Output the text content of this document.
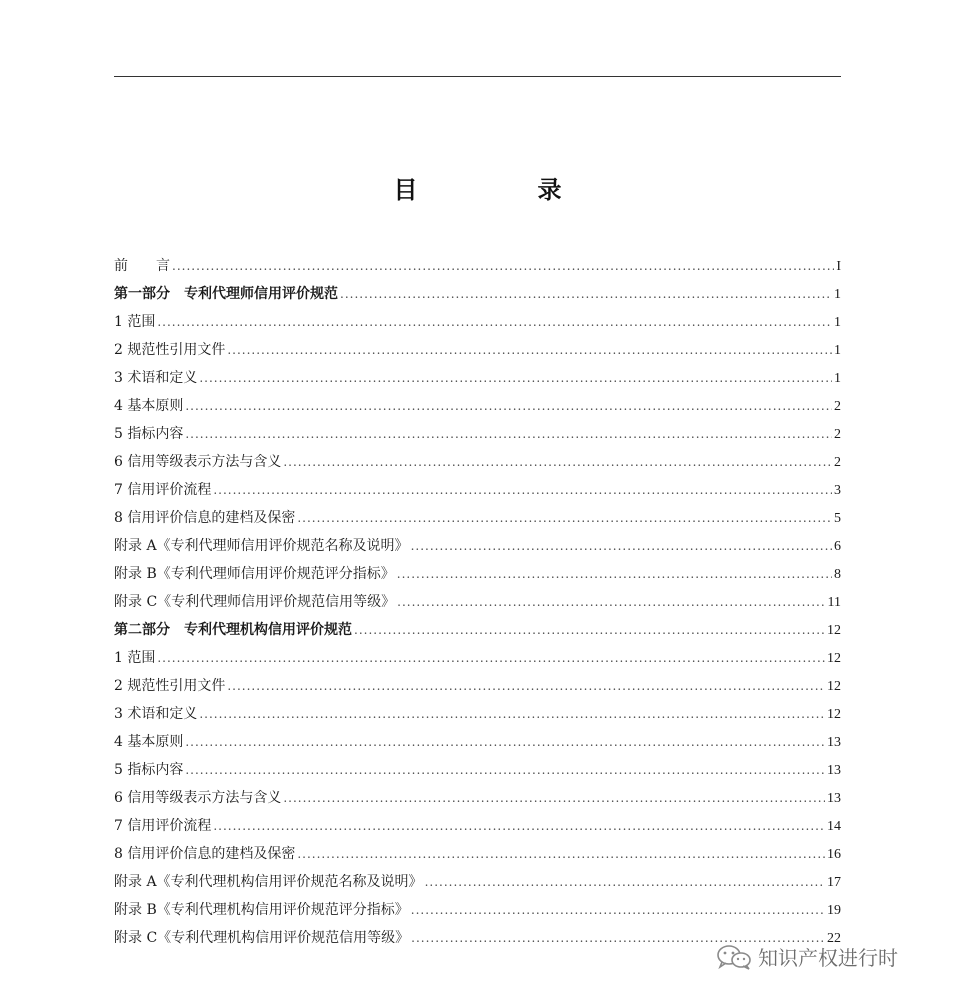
目　录
前　　言 .....	I
第一部分　专利代理师信用评价规范 .....	1
1 范围 .....	1
2 规范性引用文件 .....	1
3 术语和定义 .....	1
4 基本原则 .....	2
5 指标内容 .....	2
6 信用等级表示方法与含义 .....	2
7 信用评价流程 .....	3
8 信用评价信息的建档及保密 .....	5
附录 A《专利代理师信用评价规范名称及说明》 .....	6
附录 B《专利代理师信用评价规范评分指标》 .....	8
附录 C《专利代理师信用评价规范信用等级》 .....	11
第二部分　专利代理机构信用评价规范 .....	12
1 范围 .....	12
2 规范性引用文件 .....	12
3 术语和定义 .....	12
4 基本原则 .....	13
5 指标内容 .....	13
6 信用等级表示方法与含义 .....	13
7 信用评价流程 .....	14
8 信用评价信息的建档及保密 .....	16
附录 A《专利代理机构信用评价规范名称及说明》 .....	17
附录 B《专利代理机构信用评价规范评分指标》 .....	19
附录 C《专利代理机构信用评价规范信用等级》 .....	22
知识产权进行时
